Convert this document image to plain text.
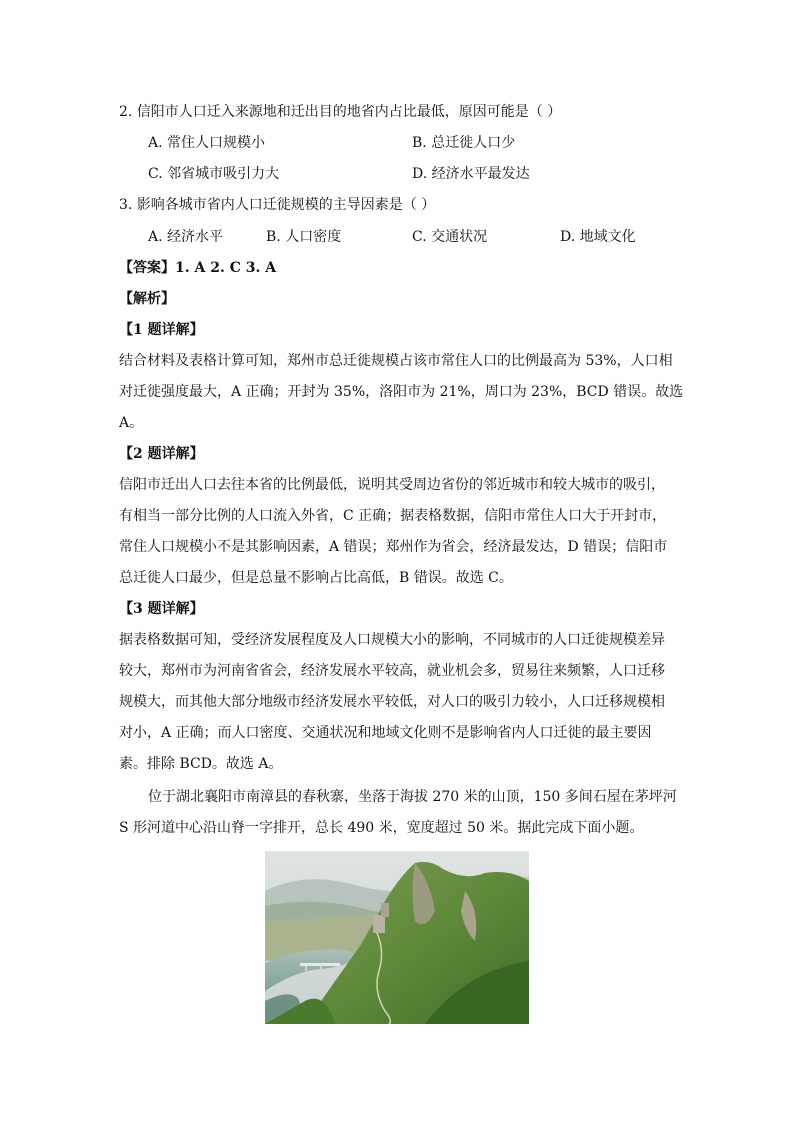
2. 信阳市人口迁入来源地和迁出目的地省内占比最低，原因可能是（ ）
A. 常住人口规模小	B. 总迁徙人口少
C. 邻省城市吸引力大	D. 经济水平最发达
3. 影响各城市省内人口迁徙规模的主导因素是（ ）
A. 经济水平	B. 人口密度	C. 交通状况	D. 地域文化
【答案】1. A 2. C 3. A
【解析】
【1 题详解】
结合材料及表格计算可知，郑州市总迁徙规模占该市常住人口的比例最高为 53%，人口相
对迁徙强度最大，A 正确；开封为 35%，洛阳市为 21%，周口为 23%，BCD 错误。故选
A。
【2 题详解】
信阳市迁出人口去往本省的比例最低，说明其受周边省份的邻近城市和较大城市的吸引，
有相当一部分比例的人口流入外省，C 正确；据表格数据，信阳市常住人口大于开封市，
常住人口规模小不是其影响因素，A 错误；郑州作为省会，经济最发达，D 错误；信阳市
总迁徙人口最少，但是总量不影响占比高低，B 错误。故选 C。
【3 题详解】
据表格数据可知，受经济发展程度及人口规模大小的影响，不同城市的人口迁徙规模差异
较大，郑州市为河南省省会，经济发展水平较高，就业机会多，贸易往来频繁，人口迁移
规模大，而其他大部分地级市经济发展水平较低，对人口的吸引力较小，人口迁移规模相
对小，A 正确；而人口密度、交通状况和地域文化则不是影响省内人口迁徙的最主要因
素。排除 BCD。故选 A。
位于湖北襄阳市南漳县的春秋寨，坐落于海拔 270 米的山顶，150 多间石屋在茅坪河
S 形河道中心沿山脊一字排开，总长 490 米，宽度超过 50 米。据此完成下面小题。
